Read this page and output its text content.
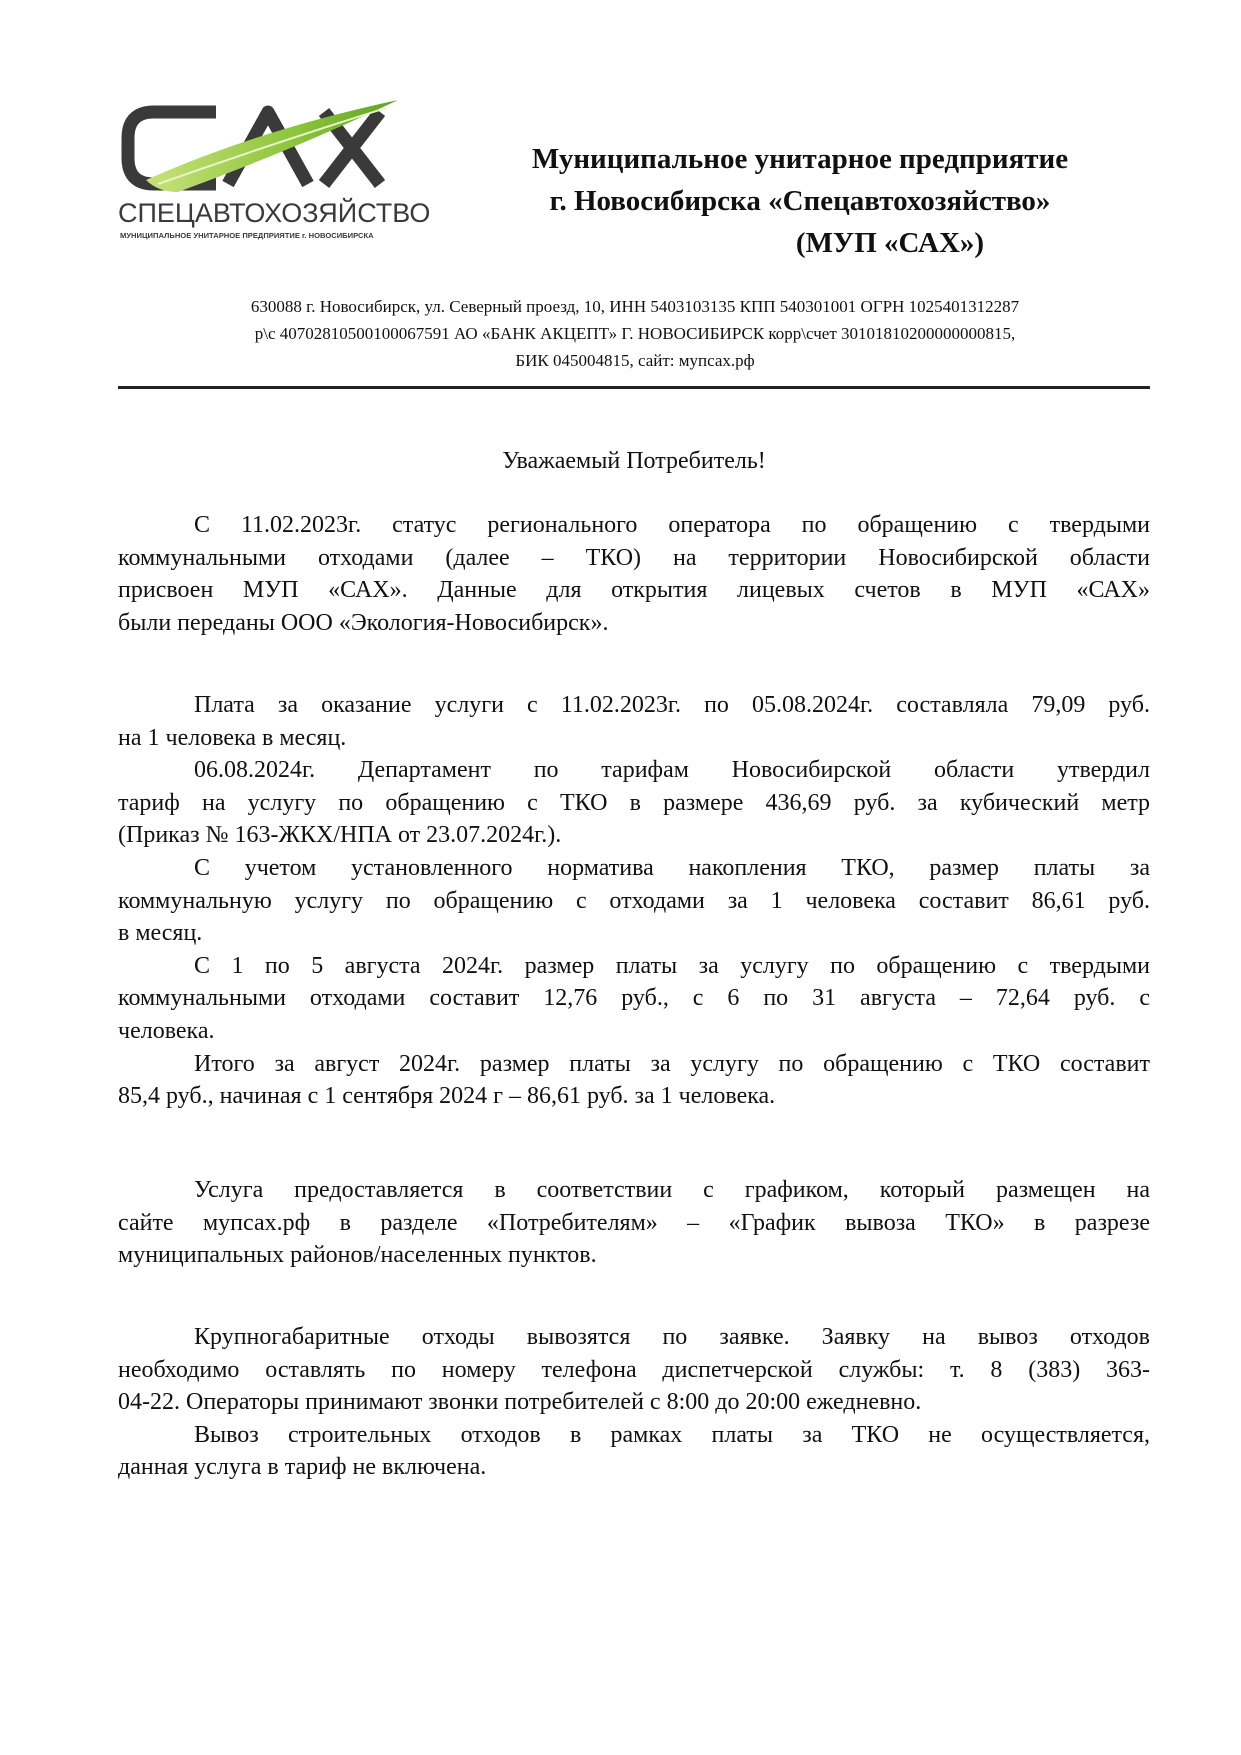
СПЕЦАВТОХОЗЯЙСТВО
МУНИЦИПАЛЬНОЕ УНИТАРНОЕ ПРЕДПРИЯТИЕ г. НОВОСИБИРСКА
Муниципальное унитарное предприятие
г. Новосибирска «Спецавтохозяйство»
(МУП «САХ»)
630088 г. Новосибирск, ул. Северный проезд, 10, ИНН 5403103135 КПП 540301001 ОГРН 1025401312287
р\с 40702810500100067591 АО «БАНК АКЦЕПТ» Г. НОВОСИБИРСК корр\счет 30101810200000000815,
БИК 045004815, сайт: мупсах.рф
Уважаемый Потребитель!
С 11.02.2023г. статус регионального оператора по обращению с твердыми
коммунальными отходами (далее – ТКО) на территории Новосибирской области
присвоен МУП «САХ». Данные для открытия лицевых счетов в МУП «САХ»
были переданы ООО «Экология-Новосибирск».
Плата за оказание услуги с 11.02.2023г. по 05.08.2024г. составляла 79,09 руб.
на 1 человека в месяц.
06.08.2024г. Департамент по тарифам Новосибирской области утвердил
тариф на услугу по обращению с ТКО в размере 436,69 руб. за кубический метр
(Приказ № 163-ЖКХ/НПА от 23.07.2024г.).
С учетом установленного норматива накопления ТКО, размер платы за
коммунальную услугу по обращению с отходами за 1 человека составит 86,61 руб.
в месяц.
С 1 по 5 августа 2024г. размер платы за услугу по обращению с твердыми
коммунальными отходами составит 12,76 руб., с 6 по 31 августа – 72,64 руб. с
человека.
Итого за август 2024г. размер платы за услугу по обращению с ТКО составит
85,4 руб., начиная с 1 сентября 2024 г – 86,61 руб. за 1 человека.
Услуга предоставляется в соответствии с графиком, который размещен на
сайте мупсах.рф в разделе «Потребителям» – «График вывоза ТКО» в разрезе
муниципальных районов/населенных пунктов.
Крупногабаритные отходы вывозятся по заявке. Заявку на вывоз отходов
необходимо оставлять по номеру телефона диспетчерской службы: т. 8 (383) 363-
04-22. Операторы принимают звонки потребителей с 8:00 до 20:00 ежедневно.
Вывоз строительных отходов в рамках платы за ТКО не осуществляется,
данная услуга в тариф не включена.
